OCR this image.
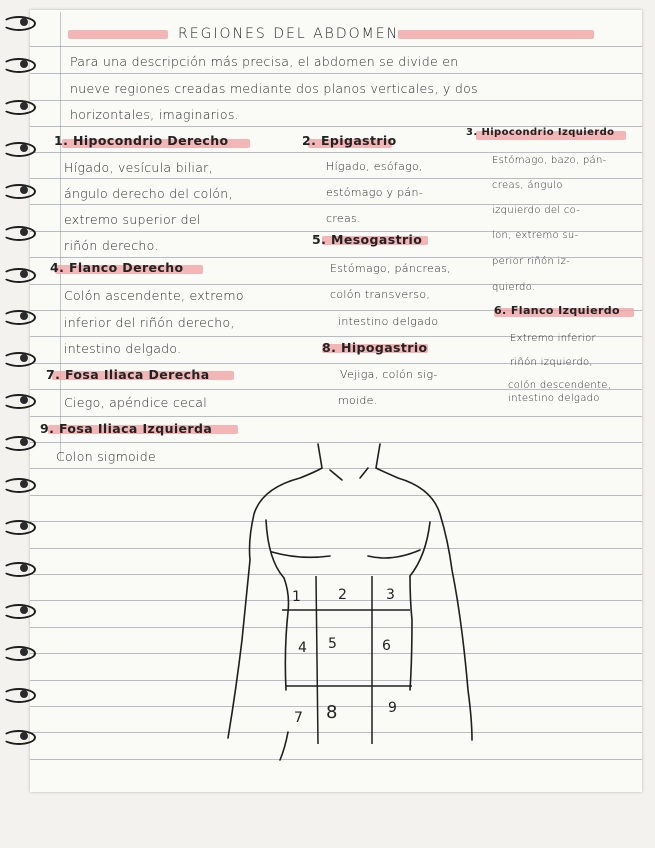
REGIONES DEL ABDOMEN
Para una descripción más precisa, el abdomen se divide en
nueve regiones creadas mediante dos planos verticales, y dos
horizontales, imaginarios.
1. Hipocondrio Derecho
Hígado, vesícula biliar,
ángulo derecho del colón,
extremo superior del
riñón derecho.
2. Epigastrio
Hígado, esófago,
estómago y pán-
creas.
3. Hipocondrio Izquierdo
Estómago, bazo, pán-
creas, ángulo
izquierdo del co-
lon, extremo su-
perior riñón iz-
quierdo.
4. Flanco Derecho
Colón ascendente, extremo
inferior del riñón derecho,
intestino delgado.
5. Mesogastrio
Estómago, páncreas,
colón transverso,
intestino delgado
6. Flanco Izquierdo
Extremo inferior
riñón izquierdo,
colón descendente,
intestino delgado
7. Fosa Iliaca Derecha
Ciego, apéndice cecal
8. Hipogastrio
Vejiga, colón sig-
moide.
9. Fosa Iliaca Izquierda
Colon sigmoide
1	2	3
4 5	6
7 8	9
